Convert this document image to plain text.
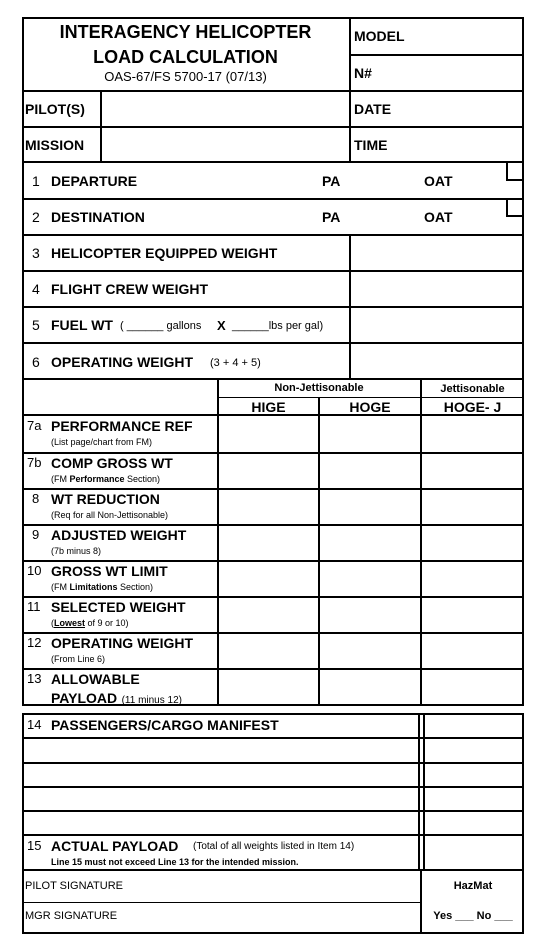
INTERAGENCY HELICOPTER
LOAD CALCULATION
OAS-67/FS 5700-17 (07/13)
MODEL
N#
PILOT(S)	DATE
MISSION	TIME
1 DEPARTURE	PA	OAT
2 DESTINATION	PA	OAT
3 HELICOPTER EQUIPPED WEIGHT
4 FLIGHT CREW WEIGHT
5 FUEL WT ( ______ gallons X ______lbs per gal)
6 OPERATING WEIGHT (3 + 4 + 5)
Non-Jettisonable	Jettisonable
HIGE	HOGE	HOGE- J
7a PERFORMANCE REF
(List page/chart from FM)
7b COMP GROSS WT
(FM Performance Section)
8 WT REDUCTION
(Req for all Non-Jettisonable)
9 ADJUSTED WEIGHT
(7b minus 8)
10 GROSS WT LIMIT
(FM Limitations Section)
11 SELECTED WEIGHT
(Lowest of 9 or 10)
12 OPERATING WEIGHT
(From Line 6)
13 ALLOWABLE
PAYLOAD (11 minus 12)
14 PASSENGERS/CARGO MANIFEST
15 ACTUAL PAYLOAD (Total of all weights listed in Item 14)
Line 15 must not exceed Line 13 for the intended mission.
PILOT SIGNATURE
MGR SIGNATURE
HazMat
Yes ___ No ___
